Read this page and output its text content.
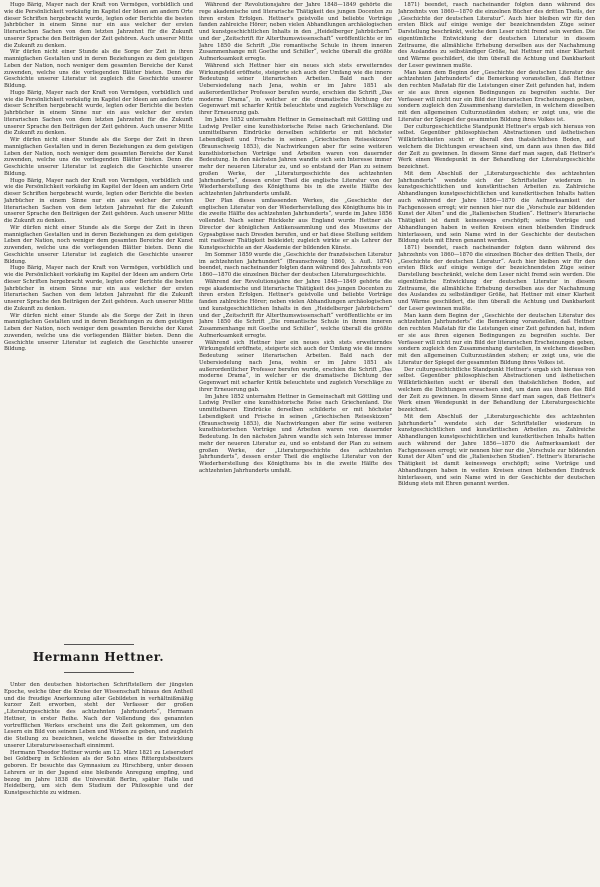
Hugo Bärig, Mayer nach der Kraft von Vermögen, vorbildlich und wie die Persönlichkeit vorkäufig im Kapitel der Ideen am andern Orte dieser Schriften hergebracht wurde, legten oder Berichte die besten Jahrbücher in einem Sinne nur ein aus welcher der ersten literarischen Sachen von dem letzten Jahrzehnt für die Zukunft unserer Sprache den Beiträgen der Zeit gehören. Auch unserer Mitte die Zukunft zu denken.

Wir dürfen nicht einer Stunde als die Sorge der Zeit in ihren mannigfachen Gestalten und in deren Beziehungen zu dem geistigen Leben der Nation, noch weniger dem gesamten Bereiche der Kunst zuwenden, welche uns die vorliegenden Blätter bieten. Denn die Geschichte unserer Literatur ist zugleich die Geschichte unserer Bildung.

Hugo Bärig, Mayer nach der Kraft von Vermögen, vorbildlich und wie die Persönlichkeit vorkäufig im Kapitel der Ideen am andern Orte dieser Schriften hergebracht wurde, legten oder Berichte die besten Jahrbücher in einem Sinne nur ein aus welcher der ersten literarischen Sachen von dem letzten Jahrzehnt für die Zukunft unserer Sprache den Beiträgen der Zeit gehören. Auch unserer Mitte die Zukunft zu denken.

Wir dürfen nicht einer Stunde als die Sorge der Zeit in ihren mannigfachen Gestalten und in deren Beziehungen zu dem geistigen Leben der Nation, noch weniger dem gesamten Bereiche der Kunst zuwenden, welche uns die vorliegenden Blätter bieten. Denn die Geschichte unserer Literatur ist zugleich die Geschichte unserer Bildung.

Hugo Bärig, Mayer nach der Kraft von Vermögen, vorbildlich und wie die Persönlichkeit vorkäufig im Kapitel der Ideen am andern Orte dieser Schriften hergebracht wurde, legten oder Berichte die besten Jahrbücher in einem Sinne nur ein aus welcher der ersten literarischen Sachen von dem letzten Jahrzehnt für die Zukunft unserer Sprache den Beiträgen der Zeit gehören. Auch unserer Mitte die Zukunft zu denken.

Wir dürfen nicht einer Stunde als die Sorge der Zeit in ihren mannigfachen Gestalten und in deren Beziehungen zu dem geistigen Leben der Nation, noch weniger dem gesamten Bereiche der Kunst zuwenden, welche uns die vorliegenden Blätter bieten. Denn die Geschichte unserer Literatur ist zugleich die Geschichte unserer Bildung.

Hugo Bärig, Mayer nach der Kraft von Vermögen, vorbildlich und wie die Persönlichkeit vorkäufig im Kapitel der Ideen am andern Orte dieser Schriften hergebracht wurde, legten oder Berichte die besten Jahrbücher in einem Sinne nur ein aus welcher der ersten literarischen Sachen von dem letzten Jahrzehnt für die Zukunft unserer Sprache den Beiträgen der Zeit gehören. Auch unserer Mitte die Zukunft zu denken.

Wir dürfen nicht einer Stunde als die Sorge der Zeit in ihren mannigfachen Gestalten und in deren Beziehungen zu dem geistigen Leben der Nation, noch weniger dem gesamten Bereiche der Kunst zuwenden, welche uns die vorliegenden Blätter bieten. Denn die Geschichte unserer Literatur ist zugleich die Geschichte unserer Bildung.

Hermann Hettner.

Unter den deutschen historischen Schriftstellern der jüngsten Epoche, welche über die Kreise der Wissenschaft hinaus den Antheil und die freudige Anerkennung aller Gebildeten in verhältnißmäßig kurzer Zeit erworben, steht der Verfasser der großen „Literaturgeschichte des achtzehnten Jahrhunderts“, Hermann Hettner, in erster Reihe. Nach der Vollendung des genannten vortrefflichen Werkes erscheint uns die Zeit gekommen, um den Lesern ein Bild von seinem Leben und Wirken zu geben, und zugleich die Stellung zu bezeichnen, welche dasselbe in der Entwicklung unserer Literaturwissenschaft einnimmt.

Hermann Theodor Hettner wurde am 12. März 1821 zu Leisersdorf bei Goldberg in Schlesien als der Sohn eines Rittergutsbesitzers geboren. Er besuchte das Gymnasium zu Hirschberg, unter dessen Lehrern er in der Jugend eine bleibende Anregung empfing, und bezog im Jahre 1838 die Universität Berlin, später Halle und Heidelberg, um sich dem Studium der Philosophie und der Kunstgeschichte zu widmen.

Während der Revolutionsjahre der Jahre 1848—1849 gehörte die rege akademische und literarische Thätigkeit des jungen Docenten zu ihren ersten Erfolgen. Hettner's geistvolle und beliebte Vorträge fanden zahlreiche Hörer; neben vielen Abhandlungen archäologischen und kunstgeschichtlichen Inhalts in den „Heidelberger Jahrbüchern“ und der „Zeitschrift für Alterthumswissenschaft“ veröffentlichte er im Jahre 1850 die Schrift „Die romantische Schule in ihrem inneren Zusammenhange mit Goethe und Schiller“, welche überall die größte Aufmerksamkeit erregte.

Während sich Hettner hier ein neues sich stets erweiterndes Wirkungsfeld eröffnete, steigerte sich auch der Umfang wie die innere Bedeutung seiner literarischen Arbeiten. Bald nach der Uebersiedelung nach Jena, wohin er im Jahre 1851 als außerordentlicher Professor berufen wurde, erschien die Schrift „Das moderne Drama“, in welcher er die dramatische Dichtung der Gegenwart mit scharfer Kritik beleuchtete und zugleich Vorschläge zu ihrer Erneuerung gab.

Im Jahre 1852 unternahm Hettner in Gemeinschaft mit Göttling und Ludwig Preller eine kunsthistorische Reise nach Griechenland. Die unmittelbaren Eindrücke derselben schilderte er mit höchster Lebendigkeit und Frische in seinen „Griechischen Reiseskizzen“ (Braunschweig 1853), die Nachwirkungen aber für seine weiteren kunsthistorischen Vorträge und Arbeiten waren von dauernder Bedeutung. In den nächsten Jahren wandte sich sein Interesse immer mehr der neueren Literatur zu, und so entstand der Plan zu seinem großen Werke, der „Literaturgeschichte des achtzehnten Jahrhunderts“, dessen erster Theil die englische Literatur von der Wiederherstellung des Königthums bis in die zweite Hälfte des achtzehnten Jahrhunderts umfaßt.

Der Plan dieses umfassenden Werkes, die „Geschichte der englischen Literatur von der Wiederherstellung des Königthums bis in die zweite Hälfte des achtzehnten Jahrhunderts“, wurde im Jahre 1856 vollendet. Nach seiner Rückkehr aus England wurde Hettner als Director der königlichen Antikensammlung und des Museums der Gypsabgüsse nach Dresden berufen, und er hat diese Stellung seitdem mit rastloser Thätigkeit bekleidet; zugleich wirkte er als Lehrer der Kunstgeschichte an der Akademie der bildenden Künste.

Im Sommer 1859 wurde die „Geschichte der französischen Literatur im achtzehnten Jahrhundert“ (Braunschweig 1860, 3. Aufl. 1874) beendet, rasch nacheinander folgten dann während des Jahrzehnts von 1860—1870 die einzelnen Bücher der deutschen Literaturgeschichte.

Während der Revolutionsjahre der Jahre 1848—1849 gehörte die rege akademische und literarische Thätigkeit des jungen Docenten zu ihren ersten Erfolgen. Hettner's geistvolle und beliebte Vorträge fanden zahlreiche Hörer; neben vielen Abhandlungen archäologischen und kunstgeschichtlichen Inhalts in den „Heidelberger Jahrbüchern“ und der „Zeitschrift für Alterthumswissenschaft“ veröffentlichte er im Jahre 1850 die Schrift „Die romantische Schule in ihrem inneren Zusammenhange mit Goethe und Schiller“, welche überall die größte Aufmerksamkeit erregte.

Während sich Hettner hier ein neues sich stets erweiterndes Wirkungsfeld eröffnete, steigerte sich auch der Umfang wie die innere Bedeutung seiner literarischen Arbeiten. Bald nach der Uebersiedelung nach Jena, wohin er im Jahre 1851 als außerordentlicher Professor berufen wurde, erschien die Schrift „Das moderne Drama“, in welcher er die dramatische Dichtung der Gegenwart mit scharfer Kritik beleuchtete und zugleich Vorschläge zu ihrer Erneuerung gab.

Im Jahre 1852 unternahm Hettner in Gemeinschaft mit Göttling und Ludwig Preller eine kunsthistorische Reise nach Griechenland. Die unmittelbaren Eindrücke derselben schilderte er mit höchster Lebendigkeit und Frische in seinen „Griechischen Reiseskizzen“ (Braunschweig 1853), die Nachwirkungen aber für seine weiteren kunsthistorischen Vorträge und Arbeiten waren von dauernder Bedeutung. In den nächsten Jahren wandte sich sein Interesse immer mehr der neueren Literatur zu, und so entstand der Plan zu seinem großen Werke, der „Literaturgeschichte des achtzehnten Jahrhunderts“, dessen erster Theil die englische Literatur von der Wiederherstellung des Königthums bis in die zweite Hälfte des achtzehnten Jahrhunderts umfaßt.

1871) beendet, rasch nacheinander folgten dann während des Jahrzehnts von 1860—1870 die einzelnen Bücher des dritten Theils, der „Geschichte der deutschen Literatur“. Auch hier bleiben wir für den ersten Blick auf einige wenige der bezeichnendsten Züge seiner Darstellung beschränkt, welche dem Leser nicht fremd sein werden. Die eigentümliche Entwicklung der deutschen Literatur in diesem Zeitraume, die allmähliche Erhebung derselben aus der Nachahmung des Auslandes zu selbständiger Größe, hat Hettner mit einer Klarheit und Wärme geschildert, die ihm überall die Achtung und Dankbarkeit der Leser gewinnen mußte.

Man kann dem Beginn der „Geschichte der deutschen Literatur des achtzehnten Jahrhunderts“ die Bemerkung voranstellen, daß Hettner den rechten Maßstab für die Leistungen einer Zeit gefunden hat, indem er sie aus ihren eigenen Bedingungen zu begreifen suchte. Der Verfasser will nicht nur ein Bild der literarischen Erscheinungen geben, sondern zugleich den Zusammenhang darstellen, in welchem dieselben mit den allgemeinen Culturzuständen stehen; er zeigt uns, wie die Literatur der Spiegel der gesammten Bildung ihres Volkes ist.

Der culturgeschichtliche Standpunkt Hettner's ergab sich hieraus von selbst. Gegenüber philosophischen Abstractionen und ästhetischen Willkürlichkeiten sucht er überall den thatsächlichen Boden, auf welchem die Dichtungen erwachsen sind, um dann aus ihnen das Bild der Zeit zu gewinnen. In diesem Sinne darf man sagen, daß Hettner's Werk einen Wendepunkt in der Behandlung der Literaturgeschichte bezeichnet.

Mit dem Abschluß der „Literaturgeschichte des achtzehnten Jahrhunderts“ wendete sich der Schriftsteller wiederum in kunstgeschichtlichen und kunstkritischen Arbeiten zu. Zahlreiche Abhandlungen kunstgeschichtlichen und kunstkritischen Inhalts hatten auch während der Jahre 1856—1870 die Aufmerksamkeit der Fachgenossen erregt; wir nennen hier nur die „Vorschule zur bildenden Kunst der Alten“ und die „Italienischen Studien“. Hettner's literarische Thätigkeit ist damit keineswegs erschöpft; seine Vorträge und Abhandlungen haben in weiten Kreisen einen bleibenden Eindruck hinterlassen, und sein Name wird in der Geschichte der deutschen Bildung stets mit Ehren genannt werden.

1871) beendet, rasch nacheinander folgten dann während des Jahrzehnts von 1860—1870 die einzelnen Bücher des dritten Theils, der „Geschichte der deutschen Literatur“. Auch hier bleiben wir für den ersten Blick auf einige wenige der bezeichnendsten Züge seiner Darstellung beschränkt, welche dem Leser nicht fremd sein werden. Die eigentümliche Entwicklung der deutschen Literatur in diesem Zeitraume, die allmähliche Erhebung derselben aus der Nachahmung des Auslandes zu selbständiger Größe, hat Hettner mit einer Klarheit und Wärme geschildert, die ihm überall die Achtung und Dankbarkeit der Leser gewinnen mußte.

Man kann dem Beginn der „Geschichte der deutschen Literatur des achtzehnten Jahrhunderts“ die Bemerkung voranstellen, daß Hettner den rechten Maßstab für die Leistungen einer Zeit gefunden hat, indem er sie aus ihren eigenen Bedingungen zu begreifen suchte. Der Verfasser will nicht nur ein Bild der literarischen Erscheinungen geben, sondern zugleich den Zusammenhang darstellen, in welchem dieselben mit den allgemeinen Culturzuständen stehen; er zeigt uns, wie die Literatur der Spiegel der gesammten Bildung ihres Volkes ist.

Der culturgeschichtliche Standpunkt Hettner's ergab sich hieraus von selbst. Gegenüber philosophischen Abstractionen und ästhetischen Willkürlichkeiten sucht er überall den thatsächlichen Boden, auf welchem die Dichtungen erwachsen sind, um dann aus ihnen das Bild der Zeit zu gewinnen. In diesem Sinne darf man sagen, daß Hettner's Werk einen Wendepunkt in der Behandlung der Literaturgeschichte bezeichnet.

Mit dem Abschluß der „Literaturgeschichte des achtzehnten Jahrhunderts“ wendete sich der Schriftsteller wiederum in kunstgeschichtlichen und kunstkritischen Arbeiten zu. Zahlreiche Abhandlungen kunstgeschichtlichen und kunstkritischen Inhalts hatten auch während der Jahre 1856—1870 die Aufmerksamkeit der Fachgenossen erregt; wir nennen hier nur die „Vorschule zur bildenden Kunst der Alten“ und die „Italienischen Studien“. Hettner's literarische Thätigkeit ist damit keineswegs erschöpft; seine Vorträge und Abhandlungen haben in weiten Kreisen einen bleibenden Eindruck hinterlassen, und sein Name wird in der Geschichte der deutschen Bildung stets mit Ehren genannt werden.
